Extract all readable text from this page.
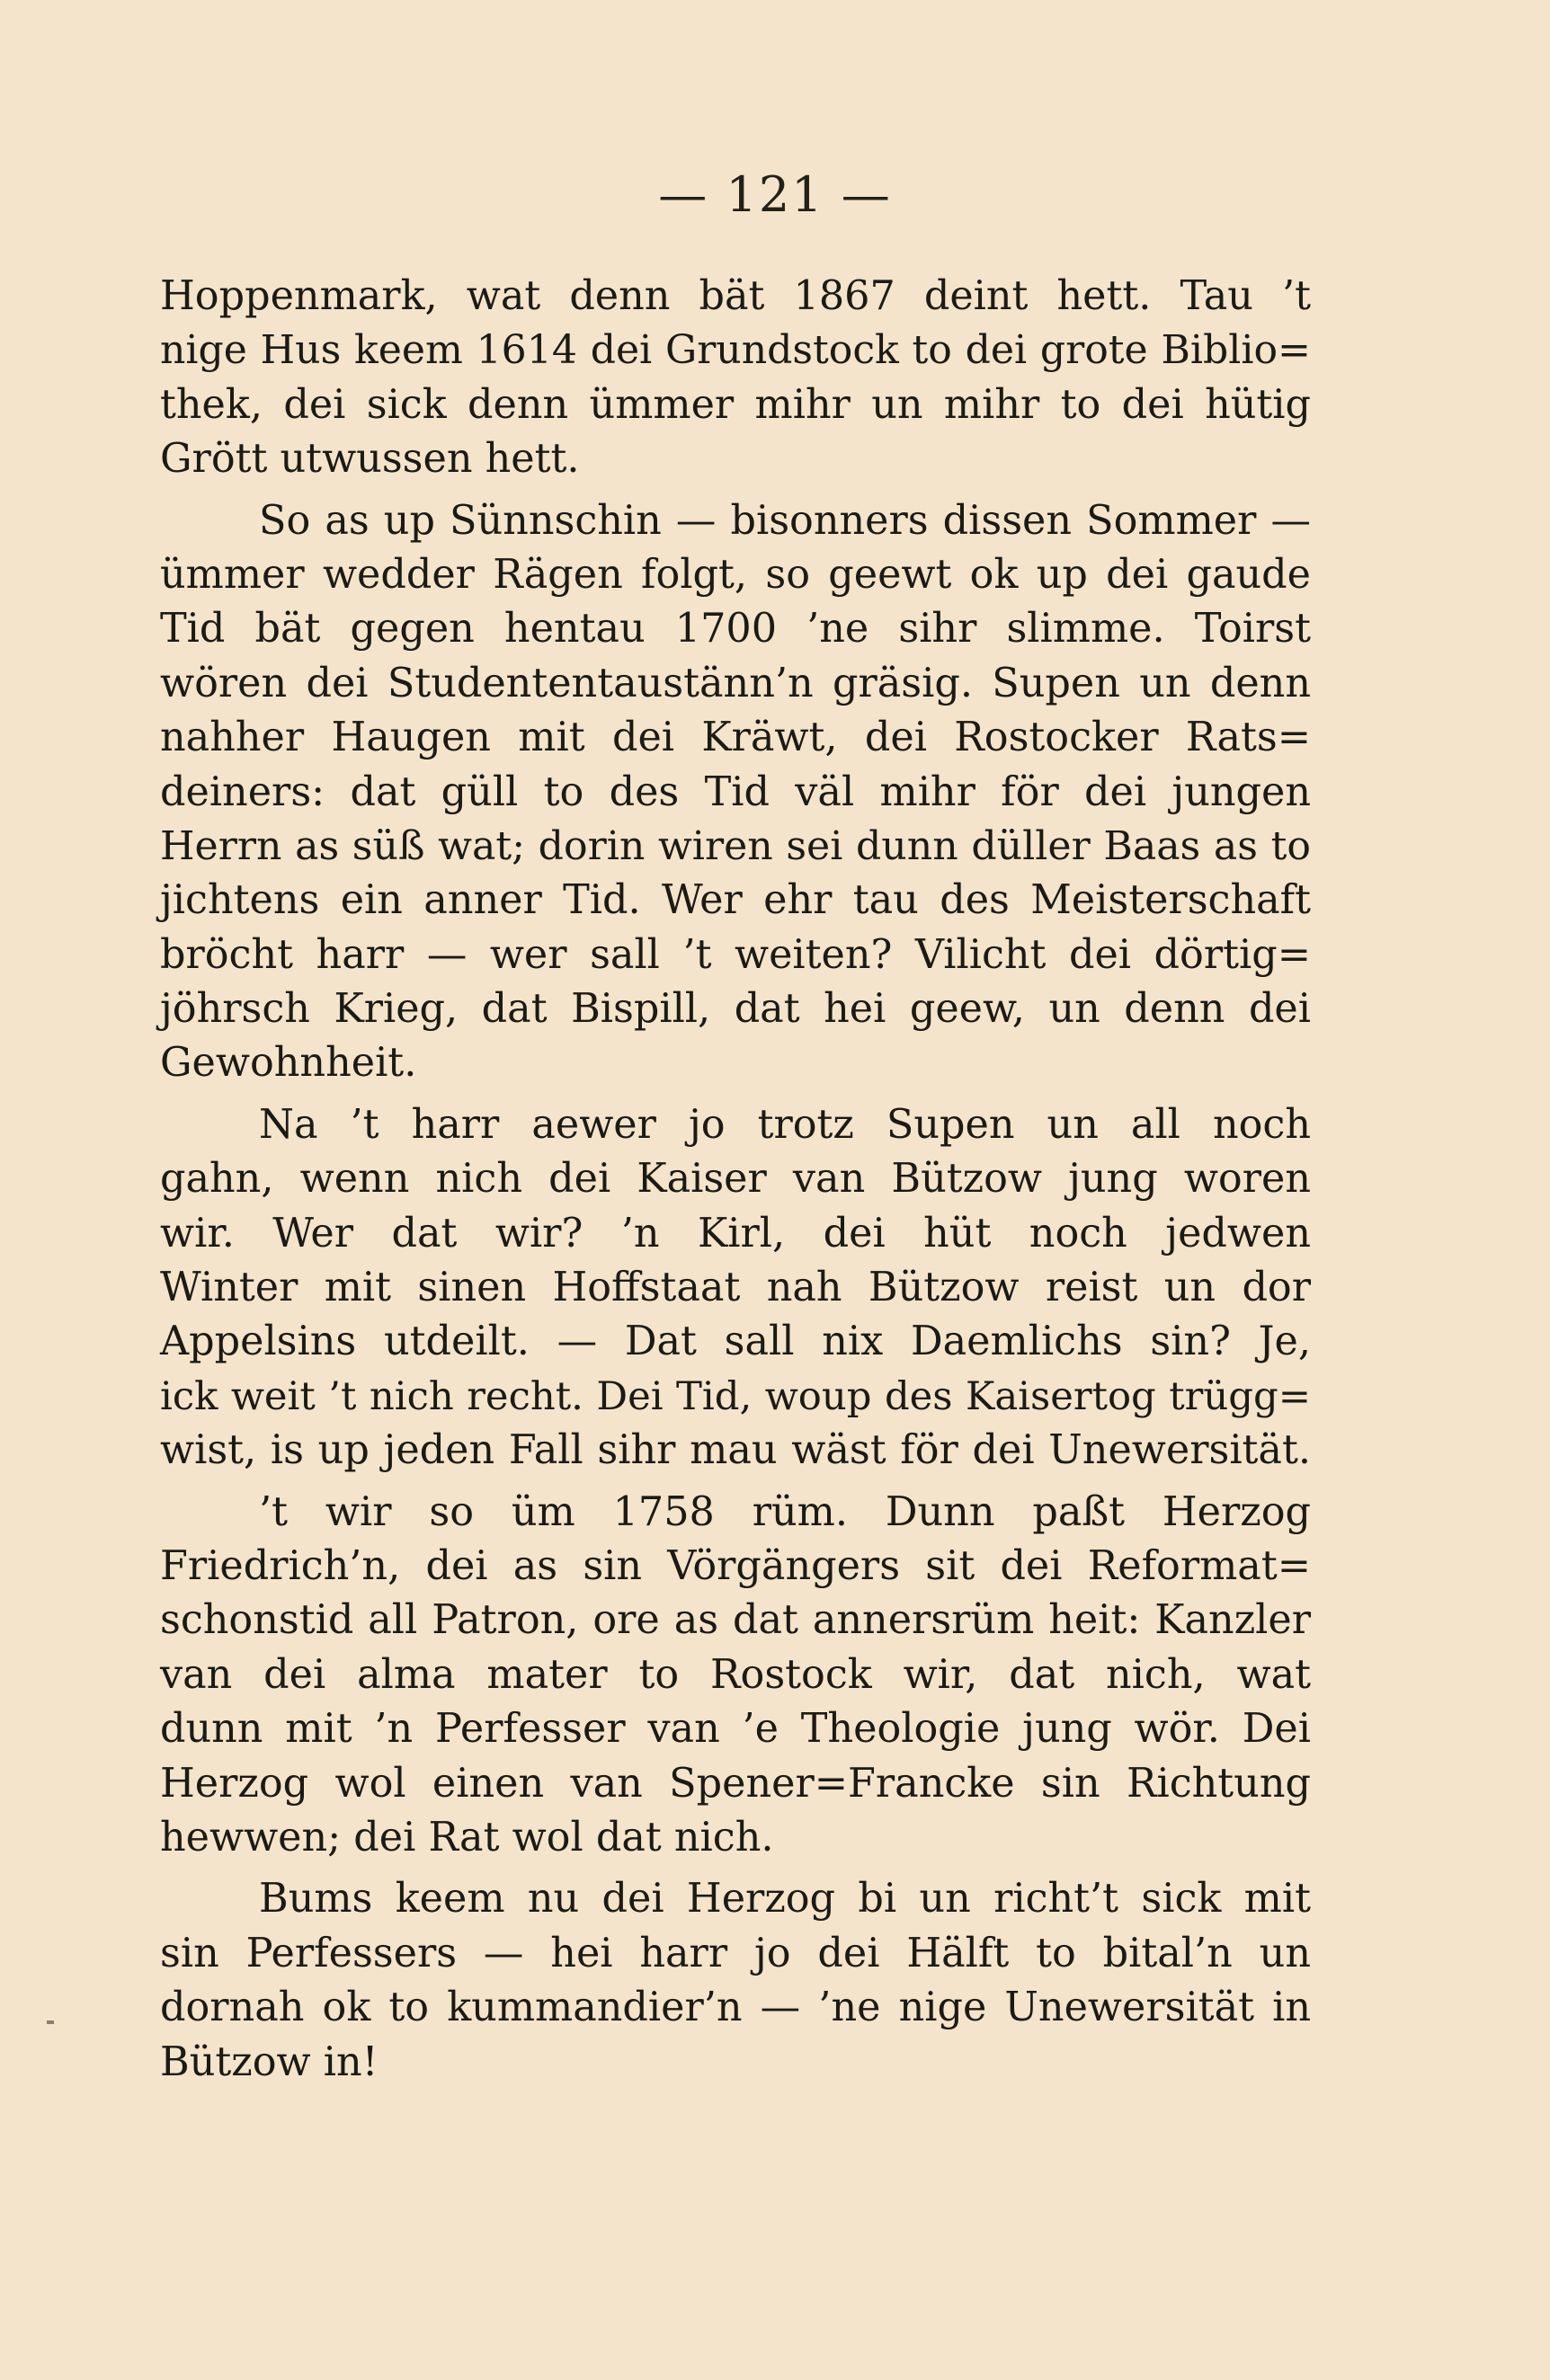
— 121 —
Hoppenmark, wat denn bät 1867 deint hett. Tau ’t
nige Hus keem 1614 dei Grundstock to dei grote Biblio=
thek, dei sick denn ümmer mihr un mihr to dei hütig
Grött utwussen hett.
So as up Sünnschin — bisonners dissen Sommer —
ümmer wedder Rägen folgt, so geewt ok up dei gaude
Tid bät gegen hentau 1700 ’ne sihr slimme. Toirst
wören dei Studententaustänn’n gräsig. Supen un denn
nahher Haugen mit dei Kräwt, dei Rostocker Rats=
deiners: dat güll to des Tid väl mihr för dei jungen
Herrn as süß wat; dorin wiren sei dunn düller Baas as to
jichtens ein anner Tid. Wer ehr tau des Meisterschaft
bröcht harr — wer sall ’t weiten? Vilicht dei dörtig=
jöhrsch Krieg, dat Bispill, dat hei geew, un denn dei
Gewohnheit.
Na ’t harr aewer jo trotz Supen un all noch
gahn, wenn nich dei Kaiser van Bützow jung woren
wir. Wer dat wir? ’n Kirl, dei hüt noch jedwen
Winter mit sinen Hoffstaat nah Bützow reist un dor
Appelsins utdeilt. — Dat sall nix Daemlichs sin? Je,
ick weit ’t nich recht. Dei Tid, woup des Kaisertog trügg=
wist, is up jeden Fall sihr mau wäst för dei Unewersität.
’t wir so üm 1758 rüm. Dunn paßt Herzog
Friedrich’n, dei as sin Vörgängers sit dei Reformat=
schonstid all Patron, ore as dat annersrüm heit: Kanzler
van dei alma mater to Rostock wir, dat nich, wat
dunn mit ’n Perfesser van ’e Theologie jung wör. Dei
Herzog wol einen van Spener=Francke sin Richtung
hewwen; dei Rat wol dat nich.
Bums keem nu dei Herzog bi un richt’t sick mit
sin Perfessers — hei harr jo dei Hälft to bital’n un
dornah ok to kummandier’n — ’ne nige Unewersität in
Bützow in!
